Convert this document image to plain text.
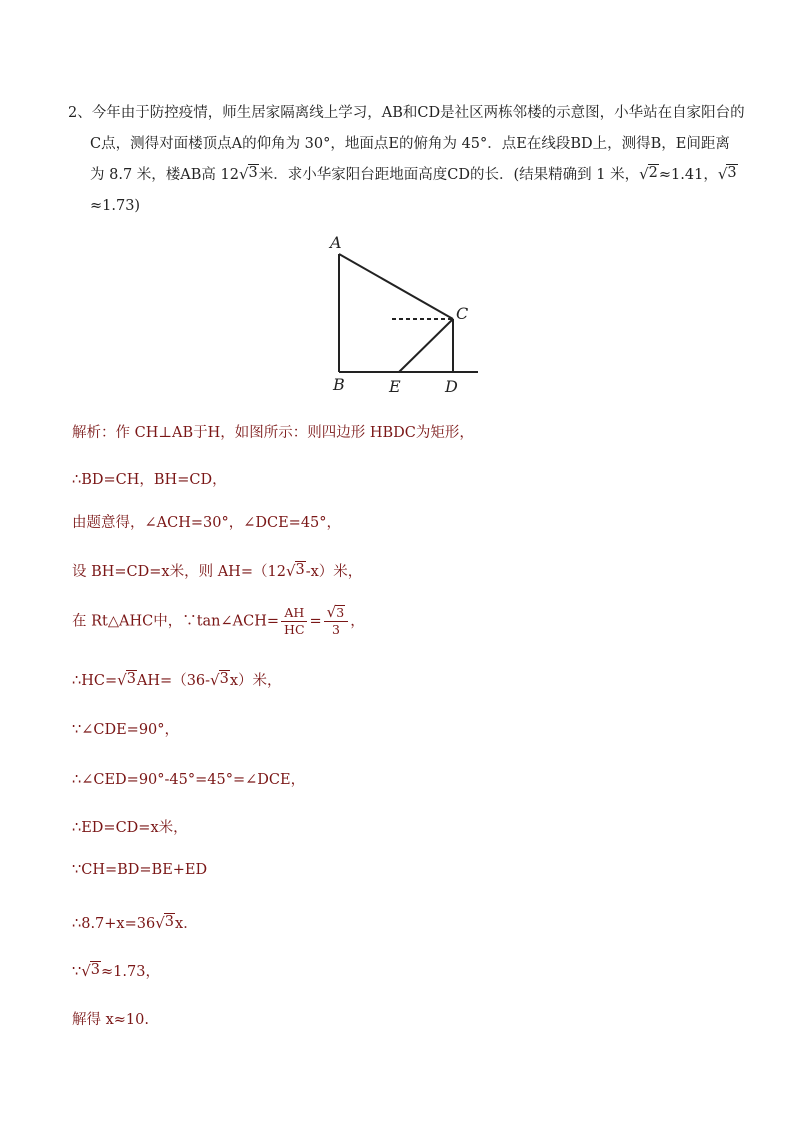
2、今年由于防控疫情，师生居家隔离线上学习，AB和CD是社区两栋邻楼的示意图，小华站在自家阳台的
C点，测得对面楼顶点A的仰角为 30°，地面点E的俯角为 45°．点E在线段BD上，测得B，E间距离
为 8.7 米，楼AB高 12 √ 3 米．求小华家阳台距地面高度CD的长．(结果精确到 1 米， √ 2 ≈1.41， √ 3
≈1.73)
A
C
B	E	D
解析：作 CH⊥AB于H，如图所示：则四边形 HBDC为矩形，
∴BD=CH，BH=CD，
由题意得，∠ACH=30°，∠DCE=45°，
设 BH=CD=x米，则 AH=（12 √ 3 -x）米，
在 Rt△AHC中，∵tan∠ACH= $\frac{AH}{HC} = \frac{√ 3}{3}$ ，
∴HC= √ 3 AH=（36- √ 3 x）米，
∵∠CDE=90°，
∴∠CED=90°-45°=45°=∠DCE，
∴ED=CD=x米，
∵CH=BD=BE+ED
∴8.7+x=36 √ 3 x．
∵ √ 3 ≈1.73，
解得 x≈10.
